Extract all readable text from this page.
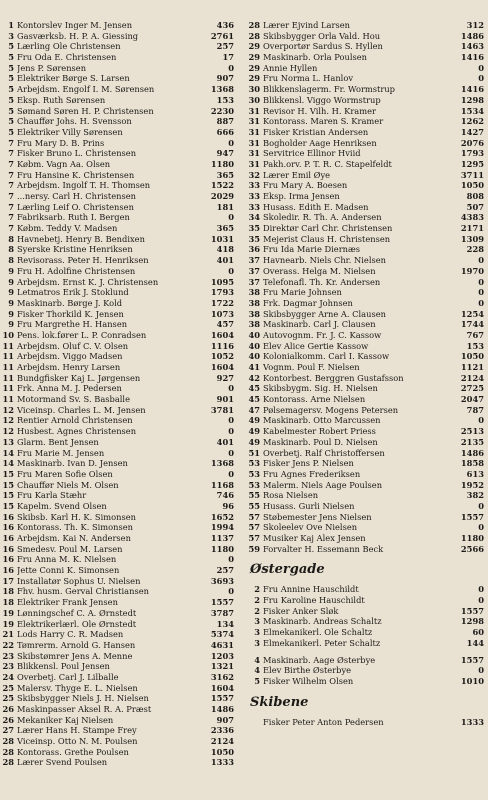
1 Kontorslev Inger M. Jensen	436
3 Gasværksb. H. P. A. Giessing	2761
5 Lærling Ole Christensen	257
5 Fru Oda E. Christensen	17
5 Jens P. Sørensen	0
5 Elektriker Børge S. Larsen	907
5 Arbejdsm. Engolf I. M. Sørensen	1368
5 Eksp. Ruth Sørensen	153
5 Sømand Søren H. P. Christensen	2230
5 Chauffør Johs. H. Svensson	887
5 Elektriker Villy Sørensen	666
7 Fru Mary D. B. Prins	0
7 Fisker Bruno L. Christensen	947
7 Købm. Vagn Aa. Olsen	1180
7 Fru Hansine K. Christensen	365
7 Arbejdsm. Ingolf T. H. Thomsen	1522
7 ...nersy. Carl H. Christensen	2029
7 Lærling Leif O. Christensen	181
7 Fabriksarb. Ruth I. Bergen	0
7 Købm. Teddy V. Madsen	365
8 Havnebetj. Henry B. Bendixen	1031
8 Syerske Kristine Henriksen	418
8 Revisorass. Peter H. Henriksen	401
9 Fru H. Adolfine Christensen	0
9 Arbejdsm. Ernst K. J. Christensen	1095
9 Letmatros Erik J. Stoklund	1793
9 Maskinarb. Børge J. Kold	1722
9 Fisker Thorkild K. Jensen	1073
9 Fru Margrethe H. Hansen	457
10 Pens. lok.fører L. P. Conradsen	1604
11 Arbejdsm. Oluf C. V. Olsen	1116
11 Arbejdsm. Viggo Madsen	1052
11 Arbejdsm. Henry Larsen	1604
11 Bundgfisker Kaj L. Jørgensen	927
11 Frk. Anna M. J. Pedersen	0
11 Motormand Sv. S. Basballe	901
12 Viceinsp. Charles L. M. Jensen	3781
12 Rentier Arnold Christensen	0
12 Husbest. Agnes Christensen	0
13 Glarm. Bent Jensen	401
14 Fru Marie M. Jensen	0
14 Maskinarb. Ivan D. Jensen	1368
15 Fru Maren Sofie Olsen	0
15 Chauffør Niels M. Olsen	1168
15 Fru Karla Stæhr	746
15 Kapelm. Svend Olsen	96
16 Skibsb. Karl H. K. Simonsen	1652
16 Kontorass. Th. K. Simonsen	1994
16 Arbejdsm. Kai N. Andersen	1137
16 Smedesv. Poul M. Larsen	1180
16 Fru Anna M. K. Nielsen	0
16 Jette Conni K. Simonsen	257
17 Installatør Sophus U. Nielsen	3693
18 Fhv. husm. Gerval Christiansen	0
18 Elektriker Frank Jensen	1557
19 Lønningschef C. A. Ørnstedt	3787
19 Elektrikerlærl. Ole Ørnstedt	134
21 Lods Harry C. R. Madsen	5374
22 Tømrerm. Arnold G. Hansen	4631
23 Skibstømrer Jens A. Menne	1203
23 Blikkensl. Poul Jensen	1321
24 Overbetj. Carl J. Lilballe	3162
25 Malersv. Thyge E. L. Nielsen	1604
25 Skibsbygger Niels J. H. Nielsen	1557
26 Maskinpasser Aksel R. A. Præst	1486
26 Mekaniker Kaj Nielsen	907
27 Lærer Hans H. Stampe Frey	2336
28 Viceinsp. Otto N. M. Poulsen	2124
28 Kontorass. Grethe Poulsen	1050
28 Lærer Svend Poulsen	1333
28 Lærer Ejvind Larsen	312
28 Skibsbygger Orla Vald. Hou	1486
29 Overportør Sardus S. Hyllen	1463
29 Maskinarb. Orla Poulsen	1416
29 Annie Hyllen	0
29 Fru Norma L. Hanlov	0
30 Blikkenslagerm. Fr. Wormstrup	1416
30 Blikkensl. Viggo Wormstrup	1298
31 Revisor H. Vilh. H. Kramer	1534
31 Kontorass. Maren S. Kramer	1262
31 Fisker Kristian Andersen	1427
31 Bogholder Aage Henriksen	2076
31 Servitrice Ellinor Hviid	1793
31 Pakh.orv. P. T. R. C. Stapelfeldt	1295
32 Lærer Emil Øye	3711
33 Fru Mary A. Boesen	1050
33 Eksp. Irma Jensen	808
33 Husass. Edith E. Madsen	507
34 Skoledir. R. Th. A. Andersen	4383
35 Direktør Carl Chr. Christensen	2171
35 Mejerist Claus H. Christensen	1309
36 Fru Ida Marie Diernæs	228
37 Havnearb. Niels Chr. Nielsen	0
37 Overass. Helga M. Nielsen	1970
37 Telefonafl. Th. Kr. Andersen	0
38 Fru Marie Johnsen	0
38 Frk. Dagmar Johnsen	0
38 Skibsbygger Arne A. Clausen	1254
38 Maskinarb. Carl J. Clausen	1744
40 Autovognm. Fr. J. C. Kassow	767
40 Elev Alice Gertie Kassow	153
40 Kolonialkomm. Carl I. Kassow	1050
41 Vognm. Poul F. Nielsen	1121
42 Kontorbest. Berggren Gustafsson	2124
45 Skibsbygm. Sig. H. Nielsen	2725
45 Kontorass. Arne Nielsen	2047
47 Pølsemagersv. Mogens Petersen	787
49 Maskinarb. Otto Marcussen	0
49 Kabelmester Robert Priess	2513
49 Maskinarb. Poul D. Nielsen	2135
51 Overbetj. Ralf Christoffersen	1486
53 Fisker Jens P. Nielsen	1858
53 Fru Agnes Frederiksen	613
53 Malerm. Niels Aage Poulsen	1952
55 Rosa Nielsen	382
55 Husass. Gurli Nielsen	0
57 Støbemester Jens Nielsen	1557
57 Skoleelev Ove Nielsen	0
57 Musiker Kaj Alex Jensen	1180
59 Forvalter H. Essemann Beck	2566
Østergade
2 Fru Annine Hauschildt	0
2 Fru Karoline Hauschildt	0
2 Fisker Anker Sløk	1557
3 Maskinarb. Andreas Schaltz	1298
3 Elmekanikerl. Ole Schaltz	60
3 Elmekanikerl. Peter Schaltz	144
4 Maskinarb. Aage Østerbye	1557
4 Elev Birthe Østerbye	0
5 Fisker Wilhelm Olsen	1010
Skibene
Fisker Peter Anton Pedersen	1333
